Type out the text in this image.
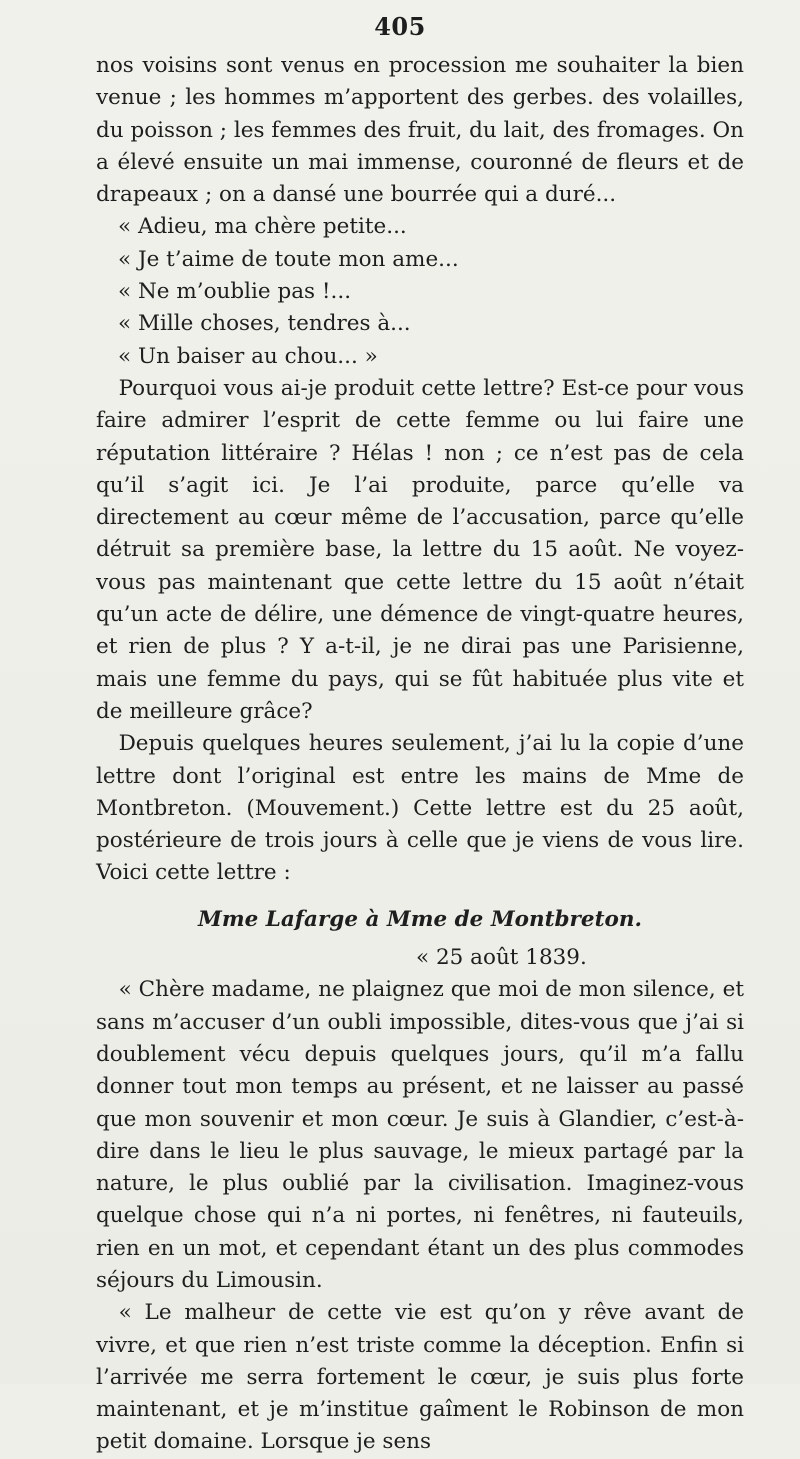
405

nos voisins sont venus en procession me souhaiter la bien venue ; les hommes m’apportent des gerbes. des volailles, du poisson ; les femmes des fruit, du lait, des fromages. On a élevé ensuite un mai immense, couronné de fleurs et de drapeaux ; on a dansé une bourrée qui a duré...

« Adieu, ma chère petite...

« Je t’aime de toute mon ame...

« Ne m’oublie pas !...

« Mille choses, tendres à...

« Un baiser au chou... »

Pourquoi vous ai-je produit cette lettre? Est-ce pour vous faire admirer l’esprit de cette femme ou lui faire une réputation littéraire ? Hélas ! non ; ce n’est pas de cela qu’il s’agit ici. Je l’ai produite, parce qu’elle va directement au cœur même de l’accusation, parce qu’elle détruit sa première base, la lettre du 15 août. Ne voyez-vous pas maintenant que cette lettre du 15 août n’était qu’un acte de délire, une démence de vingt-quatre heures, et rien de plus ? Y a-t-il, je ne dirai pas une Parisienne, mais une femme du pays, qui se fût habituée plus vite et de meilleure grâce?

Depuis quelques heures seulement, j’ai lu la copie d’une lettre dont l’original est entre les mains de Mme de Montbreton. (Mouvement.) Cette lettre est du 25 août, postérieure de trois jours à celle que je viens de vous lire. Voici cette lettre :

Mme Lafarge à Mme de Montbreton.

« 25 août 1839.

« Chère madame, ne plaignez que moi de mon silence, et sans m’accuser d’un oubli impossible, dites-vous que j’ai si doublement vécu depuis quelques jours, qu’il m’a fallu donner tout mon temps au présent, et ne laisser au passé que mon souvenir et mon cœur. Je suis à Glandier, c’est-à-dire dans le lieu le plus sauvage, le mieux partagé par la nature, le plus oublié par la civilisation. Imaginez-vous quelque chose qui n’a ni portes, ni fenêtres, ni fauteuils, rien en un mot, et cependant étant un des plus commodes séjours du Limousin.

« Le malheur de cette vie est qu’on y rêve avant de vivre, et que rien n’est triste comme la déception. Enfin si l’arrivée me serra fortement le cœur, je suis plus forte maintenant, et je m’institue gaîment le Robinson de mon petit domaine. Lorsque je sens
